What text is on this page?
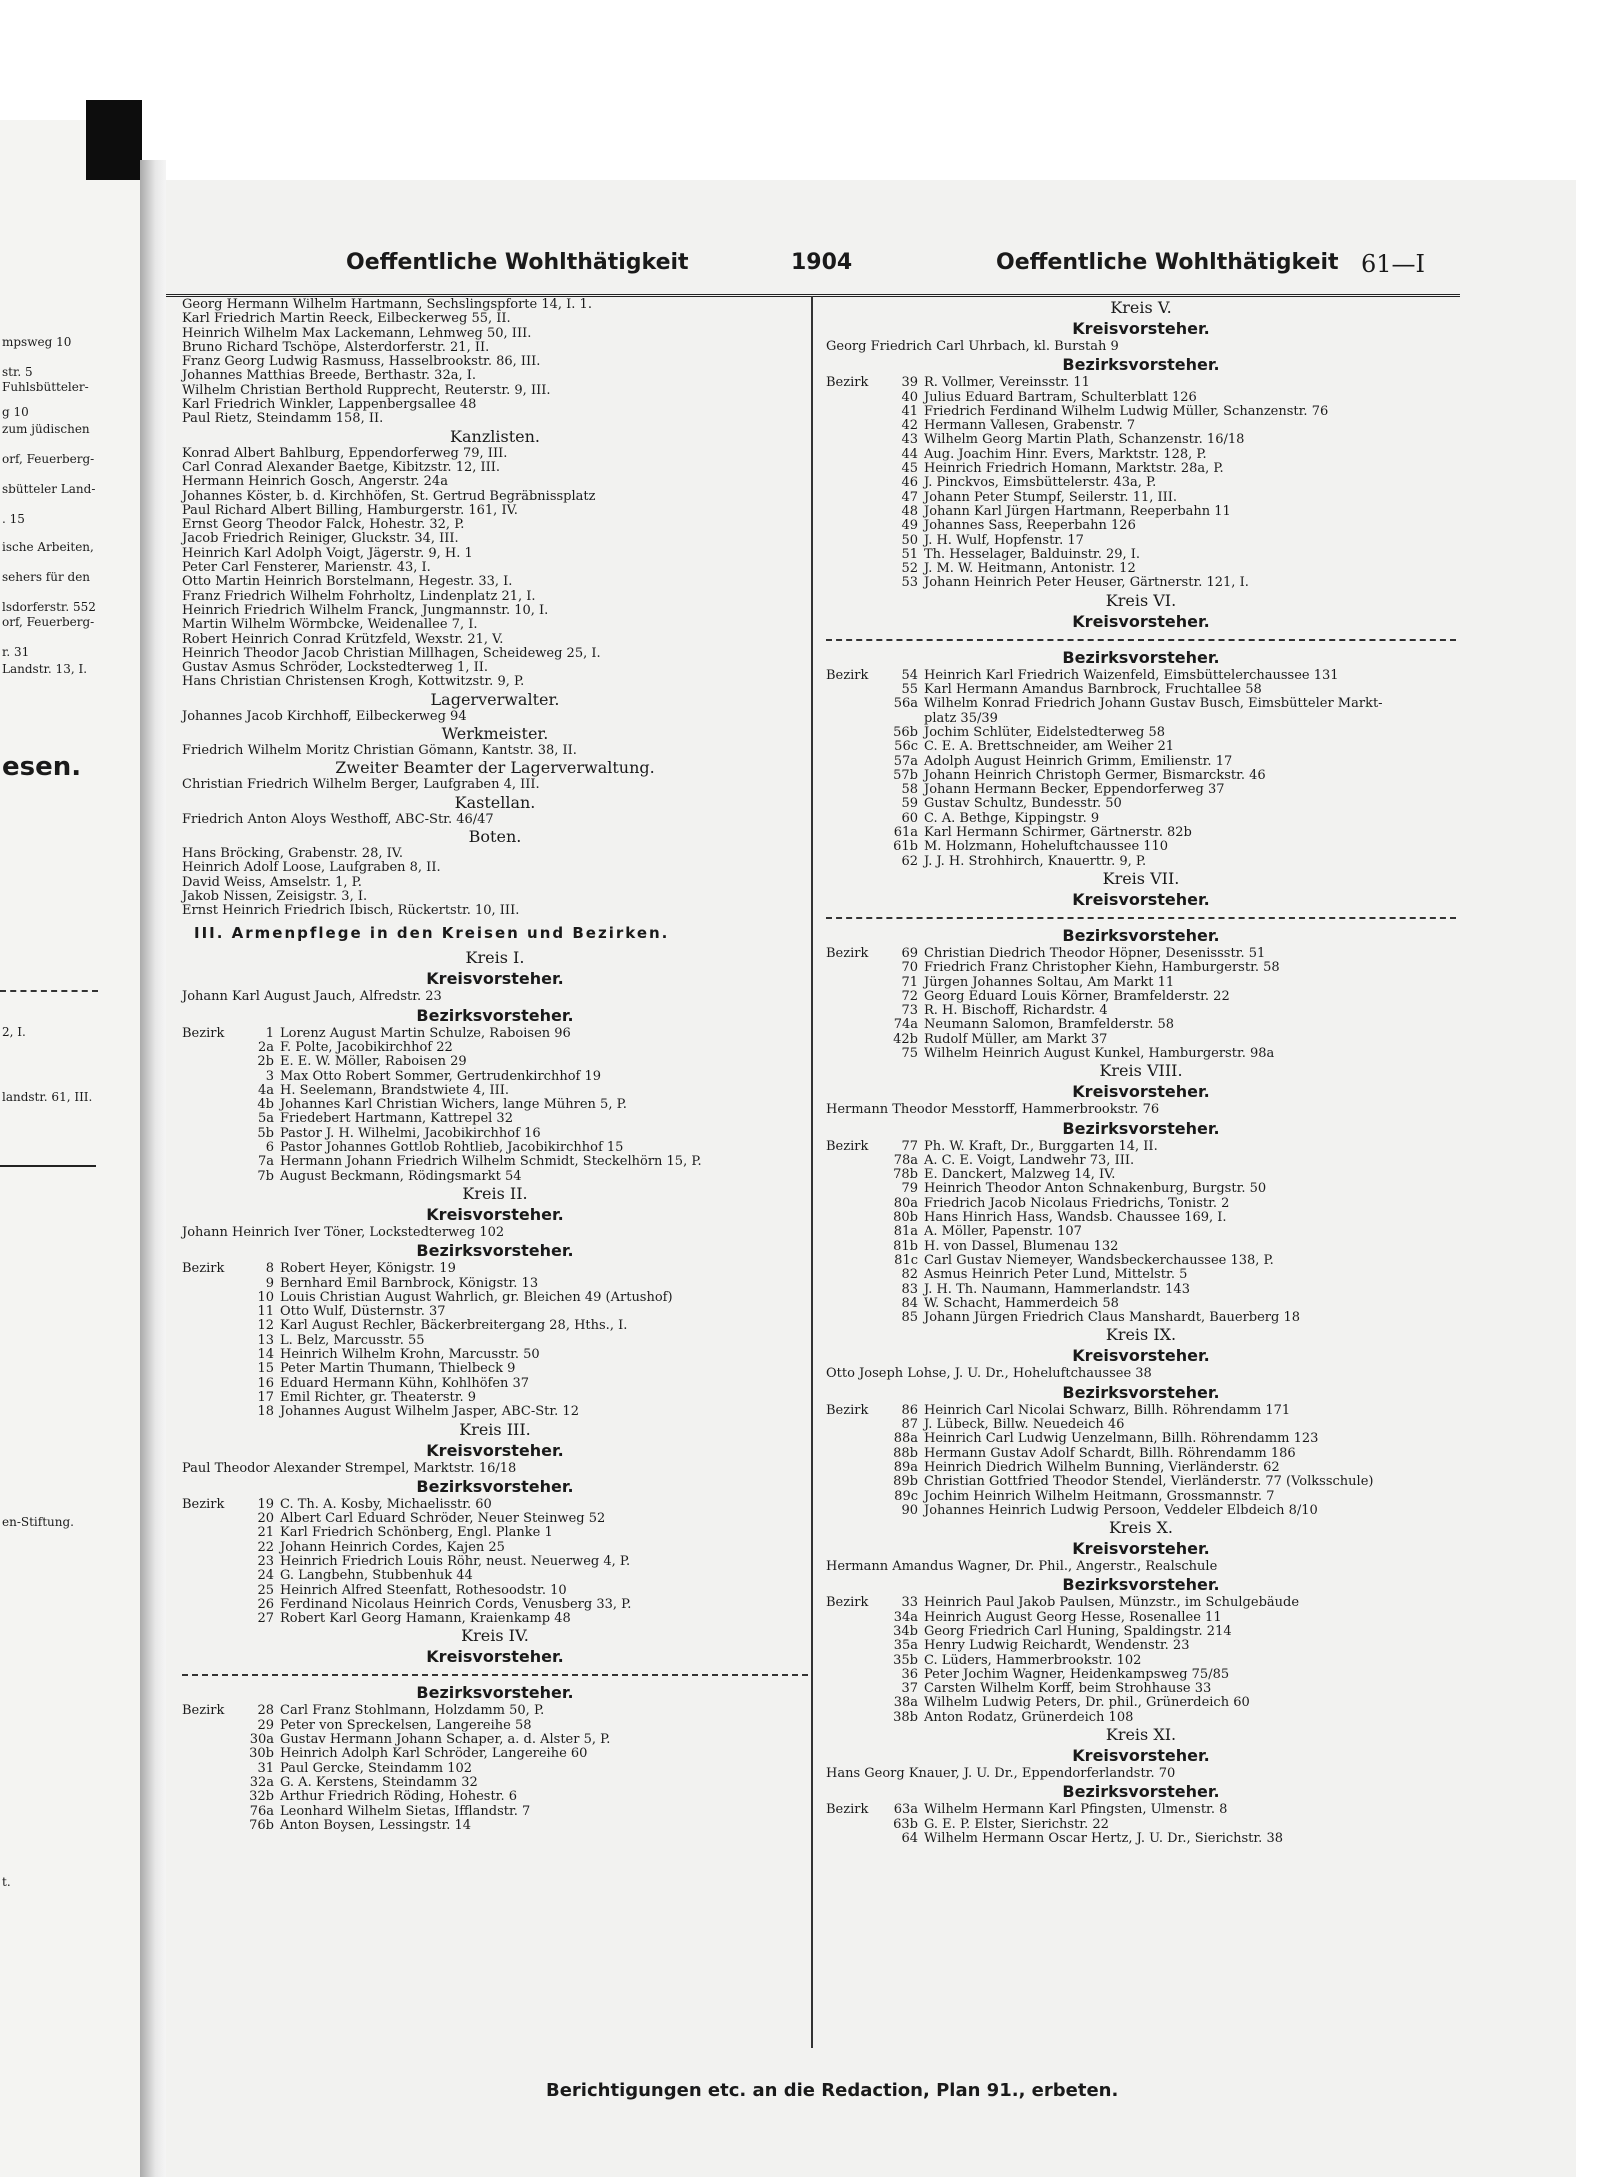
mpsweg 10
str. 5
Fuhlsbütteler-
g 10
zum jüdischen
orf, Feuerberg-
sbütteler Land-
. 15
ische Arbeiten,
sehers für den
lsdorferstr. 552
orf, Feuerberg-
r. 31
Landstr. 13, I.
esen.
2, I.
landstr. 61, III.
en-Stiftung.
t.
Oeffentliche Wohlthätigkeit	1904	Oeffentliche Wohlthätigkeit 61—I
Georg Hermann Wilhelm Hartmann, Sechslingspforte 14, I. 1.
Karl Friedrich Martin Reeck, Eilbeckerweg 55, II.
Heinrich Wilhelm Max Lackemann, Lehmweg 50, III.
Bruno Richard Tschöpe, Alsterdorferstr. 21, II.
Franz Georg Ludwig Rasmuss, Hasselbrookstr. 86, III.
Johannes Matthias Breede, Berthastr. 32a, I.
Wilhelm Christian Berthold Rupprecht, Reuterstr. 9, III.
Karl Friedrich Winkler, Lappenbergsallee 48
Paul Rietz, Steindamm 158, II.
Kanzlisten.
Konrad Albert Bahlburg, Eppendorferweg 79, III.
Carl Conrad Alexander Baetge, Kibitzstr. 12, III.
Hermann Heinrich Gosch, Angerstr. 24a
Johannes Köster, b. d. Kirchhöfen, St. Gertrud Begräbnissplatz
Paul Richard Albert Billing, Hamburgerstr. 161, IV.
Ernst Georg Theodor Falck, Hohestr. 32, P.
Jacob Friedrich Reiniger, Gluckstr. 34, III.
Heinrich Karl Adolph Voigt, Jägerstr. 9, H. 1
Peter Carl Fensterer, Marienstr. 43, I.
Otto Martin Heinrich Borstelmann, Hegestr. 33, I.
Franz Friedrich Wilhelm Fohrholtz, Lindenplatz 21, I.
Heinrich Friedrich Wilhelm Franck, Jungmannstr. 10, I.
Martin Wilhelm Wörmbcke, Weidenallee 7, I.
Robert Heinrich Conrad Krützfeld, Wexstr. 21, V.
Heinrich Theodor Jacob Christian Millhagen, Scheideweg 25, I.
Gustav Asmus Schröder, Lockstedterweg 1, II.
Hans Christian Christensen Krogh, Kottwitzstr. 9, P.
Lagerverwalter.
Johannes Jacob Kirchhoff, Eilbeckerweg 94
Werkmeister.
Friedrich Wilhelm Moritz Christian Gömann, Kantstr. 38, II.
Zweiter Beamter der Lagerverwaltung.
Christian Friedrich Wilhelm Berger, Laufgraben 4, III.
Kastellan.
Friedrich Anton Aloys Westhoff, ABC-Str. 46/47
Boten.
Hans Bröcking, Grabenstr. 28, IV.
Heinrich Adolf Loose, Laufgraben 8, II.
David Weiss, Amselstr. 1, P.
Jakob Nissen, Zeisigstr. 3, I.
Ernst Heinrich Friedrich Ibisch, Rückertstr. 10, III.
III. Armenpflege in den Kreisen und Bezirken.
Kreis I.
Kreisvorsteher.
Johann Karl August Jauch, Alfredstr. 23
Bezirksvorsteher.
Bezirk	1 Lorenz August Martin Schulze, Raboisen 96
2a F. Polte, Jacobikirchhof 22
2b E. E. W. Möller, Raboisen 29
3 Max Otto Robert Sommer, Gertrudenkirchhof 19
4a H. Seelemann, Brandstwiete 4, III.
4b Johannes Karl Christian Wichers, lange Mühren 5, P.
5a Friedebert Hartmann, Kattrepel 32
5b Pastor J. H. Wilhelmi, Jacobikirchhof 16
6 Pastor Johannes Gottlob Rohtlieb, Jacobikirchhof 15
7a Hermann Johann Friedrich Wilhelm Schmidt, Steckelhörn 15, P.
7b August Beckmann, Rödingsmarkt 54
Kreis II.
Kreisvorsteher.
Johann Heinrich Iver Töner, Lockstedterweg 102
Bezirksvorsteher.
Bezirk	8 Robert Heyer, Königstr. 19
9 Bernhard Emil Barnbrock, Königstr. 13
10 Louis Christian August Wahrlich, gr. Bleichen 49 (Artushof)
11 Otto Wulf, Düsternstr. 37
12 Karl August Rechler, Bäckerbreitergang 28, Hths., I.
13 L. Belz, Marcusstr. 55
14 Heinrich Wilhelm Krohn, Marcusstr. 50
15 Peter Martin Thumann, Thielbeck 9
16 Eduard Hermann Kühn, Kohlhöfen 37
17 Emil Richter, gr. Theaterstr. 9
18 Johannes August Wilhelm Jasper, ABC-Str. 12
Kreis III.
Kreisvorsteher.
Paul Theodor Alexander Strempel, Marktstr. 16/18
Bezirksvorsteher.
Bezirk	19 C. Th. A. Kosby, Michaelisstr. 60
20 Albert Carl Eduard Schröder, Neuer Steinweg 52
21 Karl Friedrich Schönberg, Engl. Planke 1
22 Johann Heinrich Cordes, Kajen 25
23 Heinrich Friedrich Louis Röhr, neust. Neuerweg 4, P.
24 G. Langbehn, Stubbenhuk 44
25 Heinrich Alfred Steenfatt, Rothesoodstr. 10
26 Ferdinand Nicolaus Heinrich Cords, Venusberg 33, P.
27 Robert Karl Georg Hamann, Kraienkamp 48
Kreis IV.
Kreisvorsteher.
Bezirksvorsteher.
Bezirk	28 Carl Franz Stohlmann, Holzdamm 50, P.
29 Peter von Spreckelsen, Langereihe 58
30a Gustav Hermann Johann Schaper, a. d. Alster 5, P.
30b Heinrich Adolph Karl Schröder, Langereihe 60
31 Paul Gercke, Steindamm 102
32a G. A. Kerstens, Steindamm 32
32b Arthur Friedrich Röding, Hohestr. 6
76a Leonhard Wilhelm Sietas, Ifflandstr. 7
76b Anton Boysen, Lessingstr. 14
Kreis V.
Kreisvorsteher.
Georg Friedrich Carl Uhrbach, kl. Burstah 9
Bezirksvorsteher.
Bezirk	39 R. Vollmer, Vereinsstr. 11
40 Julius Eduard Bartram, Schulterblatt 126
41 Friedrich Ferdinand Wilhelm Ludwig Müller, Schanzenstr. 76
42 Hermann Vallesen, Grabenstr. 7
43 Wilhelm Georg Martin Plath, Schanzenstr. 16/18
44 Aug. Joachim Hinr. Evers, Marktstr. 128, P.
45 Heinrich Friedrich Homann, Marktstr. 28a, P.
46 J. Pinckvos, Eimsbüttelerstr. 43a, P.
47 Johann Peter Stumpf, Seilerstr. 11, III.
48 Johann Karl Jürgen Hartmann, Reeperbahn 11
49 Johannes Sass, Reeperbahn 126
50 J. H. Wulf, Hopfenstr. 17
51 Th. Hesselager, Balduinstr. 29, I.
52 J. M. W. Heitmann, Antonistr. 12
53 Johann Heinrich Peter Heuser, Gärtnerstr. 121, I.
Kreis VI.
Kreisvorsteher.
Bezirksvorsteher.
Bezirk	54 Heinrich Karl Friedrich Waizenfeld, Eimsbüttelerchaussee 131
55 Karl Hermann Amandus Barnbrock, Fruchtallee 58
56a Wilhelm Konrad Friedrich Johann Gustav Busch, Eimsbütteler Markt-
platz 35/39
56b Jochim Schlüter, Eidelstedterweg 58
56c C. E. A. Brettschneider, am Weiher 21
57a Adolph August Heinrich Grimm, Emilienstr. 17
57b Johann Heinrich Christoph Germer, Bismarckstr. 46
58 Johann Hermann Becker, Eppendorferweg 37
59 Gustav Schultz, Bundesstr. 50
60 C. A. Bethge, Kippingstr. 9
61a Karl Hermann Schirmer, Gärtnerstr. 82b
61b M. Holzmann, Hoheluftchaussee 110
62 J. J. H. Strohhirch, Knauerttr. 9, P.
Kreis VII.
Kreisvorsteher.
Bezirksvorsteher.
Bezirk	69 Christian Diedrich Theodor Höpner, Desenissstr. 51
70 Friedrich Franz Christopher Kiehn, Hamburgerstr. 58
71 Jürgen Johannes Soltau, Am Markt 11
72 Georg Eduard Louis Körner, Bramfelderstr. 22
73 R. H. Bischoff, Richardstr. 4
74a Neumann Salomon, Bramfelderstr. 58
42b Rudolf Müller, am Markt 37
75 Wilhelm Heinrich August Kunkel, Hamburgerstr. 98a
Kreis VIII.
Kreisvorsteher.
Hermann Theodor Messtorff, Hammerbrookstr. 76
Bezirksvorsteher.
Bezirk	77 Ph. W. Kraft, Dr., Burggarten 14, II.
78a A. C. E. Voigt, Landwehr 73, III.
78b E. Danckert, Malzweg 14, IV.
79 Heinrich Theodor Anton Schnakenburg, Burgstr. 50
80a Friedrich Jacob Nicolaus Friedrichs, Tonistr. 2
80b Hans Hinrich Hass, Wandsb. Chaussee 169, I.
81a A. Möller, Papenstr. 107
81b H. von Dassel, Blumenau 132
81c Carl Gustav Niemeyer, Wandsbeckerchaussee 138, P.
82 Asmus Heinrich Peter Lund, Mittelstr. 5
83 J. H. Th. Naumann, Hammerlandstr. 143
84 W. Schacht, Hammerdeich 58
85 Johann Jürgen Friedrich Claus Manshardt, Bauerberg 18
Kreis IX.
Kreisvorsteher.
Otto Joseph Lohse, J. U. Dr., Hoheluftchaussee 38
Bezirksvorsteher.
Bezirk	86 Heinrich Carl Nicolai Schwarz, Billh. Röhrendamm 171
87 J. Lübeck, Billw. Neuedeich 46
88a Heinrich Carl Ludwig Uenzelmann, Billh. Röhrendamm 123
88b Hermann Gustav Adolf Schardt, Billh. Röhrendamm 186
89a Heinrich Diedrich Wilhelm Bunning, Vierländerstr. 62
89b Christian Gottfried Theodor Stendel, Vierländerstr. 77 (Volksschule)
89c Jochim Heinrich Wilhelm Heitmann, Grossmannstr. 7
90 Johannes Heinrich Ludwig Persoon, Veddeler Elbdeich 8/10
Kreis X.
Kreisvorsteher.
Hermann Amandus Wagner, Dr. Phil., Angerstr., Realschule
Bezirksvorsteher.
Bezirk	33 Heinrich Paul Jakob Paulsen, Münzstr., im Schulgebäude
34a Heinrich August Georg Hesse, Rosenallee 11
34b Georg Friedrich Carl Huning, Spaldingstr. 214
35a Henry Ludwig Reichardt, Wendenstr. 23
35b C. Lüders, Hammerbrookstr. 102
36 Peter Jochim Wagner, Heidenkampsweg 75/85
37 Carsten Wilhelm Korff, beim Strohhause 33
38a Wilhelm Ludwig Peters, Dr. phil., Grünerdeich 60
38b Anton Rodatz, Grünerdeich 108
Kreis XI.
Kreisvorsteher.
Hans Georg Knauer, J. U. Dr., Eppendorferlandstr. 70
Bezirksvorsteher.
Bezirk	63a Wilhelm Hermann Karl Pfingsten, Ulmenstr. 8
63b G. E. P. Elster, Sierichstr. 22
64 Wilhelm Hermann Oscar Hertz, J. U. Dr., Sierichstr. 38
Berichtigungen etc. an die Redaction, Plan 91., erbeten.
